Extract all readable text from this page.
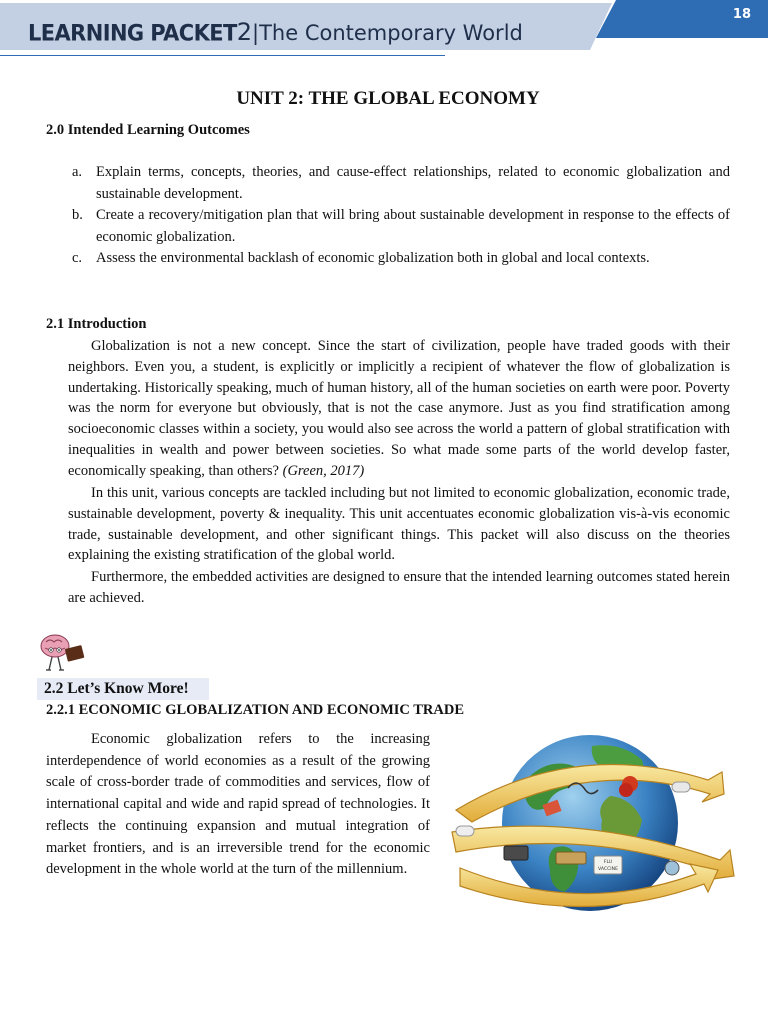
LEARNING PACKET2|The Contemporary World
18
UNIT 2: THE GLOBAL ECONOMY
2.0 Intended Learning Outcomes
a. Explain terms, concepts, theories, and cause-effect relationships, related to economic globalization and sustainable development.
b. Create a recovery/mitigation plan that will bring about sustainable development in response to the effects of economic globalization.
c. Assess the environmental backlash of economic globalization both in global and local contexts.
2.1 Introduction

Globalization is not a new concept. Since the start of civilization, people have traded goods with their neighbors. Even you, a student, is explicitly or implicitly a recipient of whatever the flow of globalization is undertaking. Historically speaking, much of human history, all of the human societies on earth were poor. Poverty was the norm for everyone but obviously, that is not the case anymore. Just as you find stratification among socioeconomic classes within a society, you would also see across the world a pattern of global stratification with inequalities in wealth and power between societies. So what made some parts of the world develop faster, economically speaking, than others? (Green, 2017)

In this unit, various concepts are tackled including but not limited to economic globalization, economic trade, sustainable development, poverty & inequality. This unit accentuates economic globalization vis-à-vis economic trade, sustainable development, and other significant things. This packet will also discuss on the theories explaining the existing stratification of the global world.

Furthermore, the embedded activities are designed to ensure that the intended learning outcomes stated herein are achieved.

2.2 Let’s Know More!
2.2.1 ECONOMIC GLOBALIZATION AND ECONOMIC TRADE

Economic globalization refers to the increasing interdependence of world economies as a result of the growing scale of cross-border trade of commodities and services, flow of international capital and wide and rapid spread of technologies. It reflects the continuing expansion and mutual integration of market frontiers, and is an irreversible trend for the economic development in the whole world at the turn of the millennium.	FLU
VACCINE
